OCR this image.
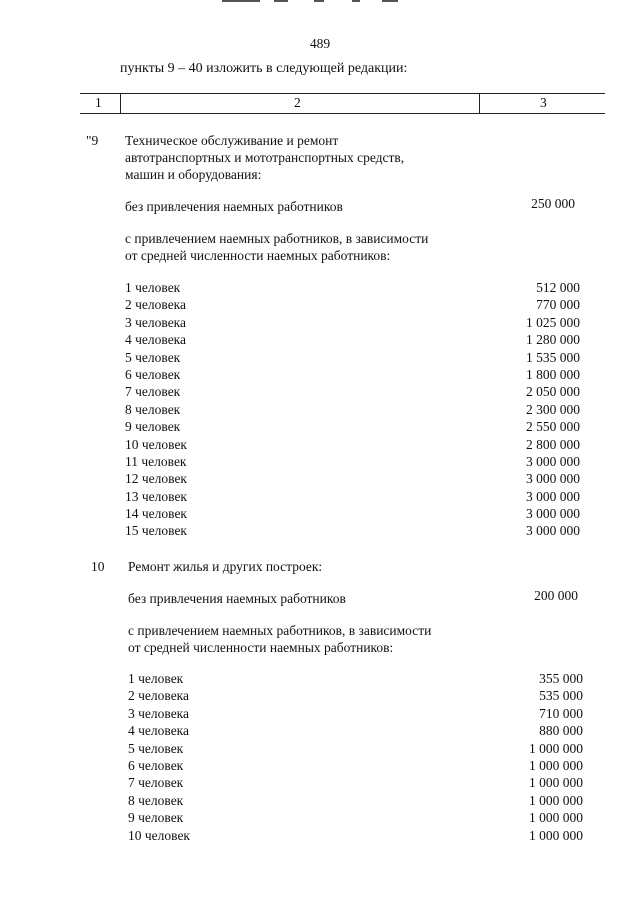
489
пункты 9 – 40 изложить в следующей редакции:
1	2	3
"9 Техническое обслуживание и ремонт
автотранспортных и мототранспортных средств,
машин и оборудования:
без привлечения наемных работников	250 000
с привлечением наемных работников, в зависимости
от средней численности наемных работников:
1 человек	512 000
2 человека	770 000
3 человека	1 025 000
4 человека	1 280 000
5 человек	1 535 000
6 человек	1 800 000
7 человек	2 050 000
8 человек	2 300 000
9 человек	2 550 000
10 человек	2 800 000
11 человек	3 000 000
12 человек	3 000 000
13 человек	3 000 000
14 человек	3 000 000
15 человек	3 000 000
10 Ремонт жилья и других построек:
без привлечения наемных работников	200 000
с привлечением наемных работников, в зависимости
от средней численности наемных работников:
1 человек	355 000
2 человека	535 000
3 человека	710 000
4 человека	880 000
5 человек	1 000 000
6 человек	1 000 000
7 человек	1 000 000
8 человек	1 000 000
9 человек	1 000 000
10 человек	1 000 000
